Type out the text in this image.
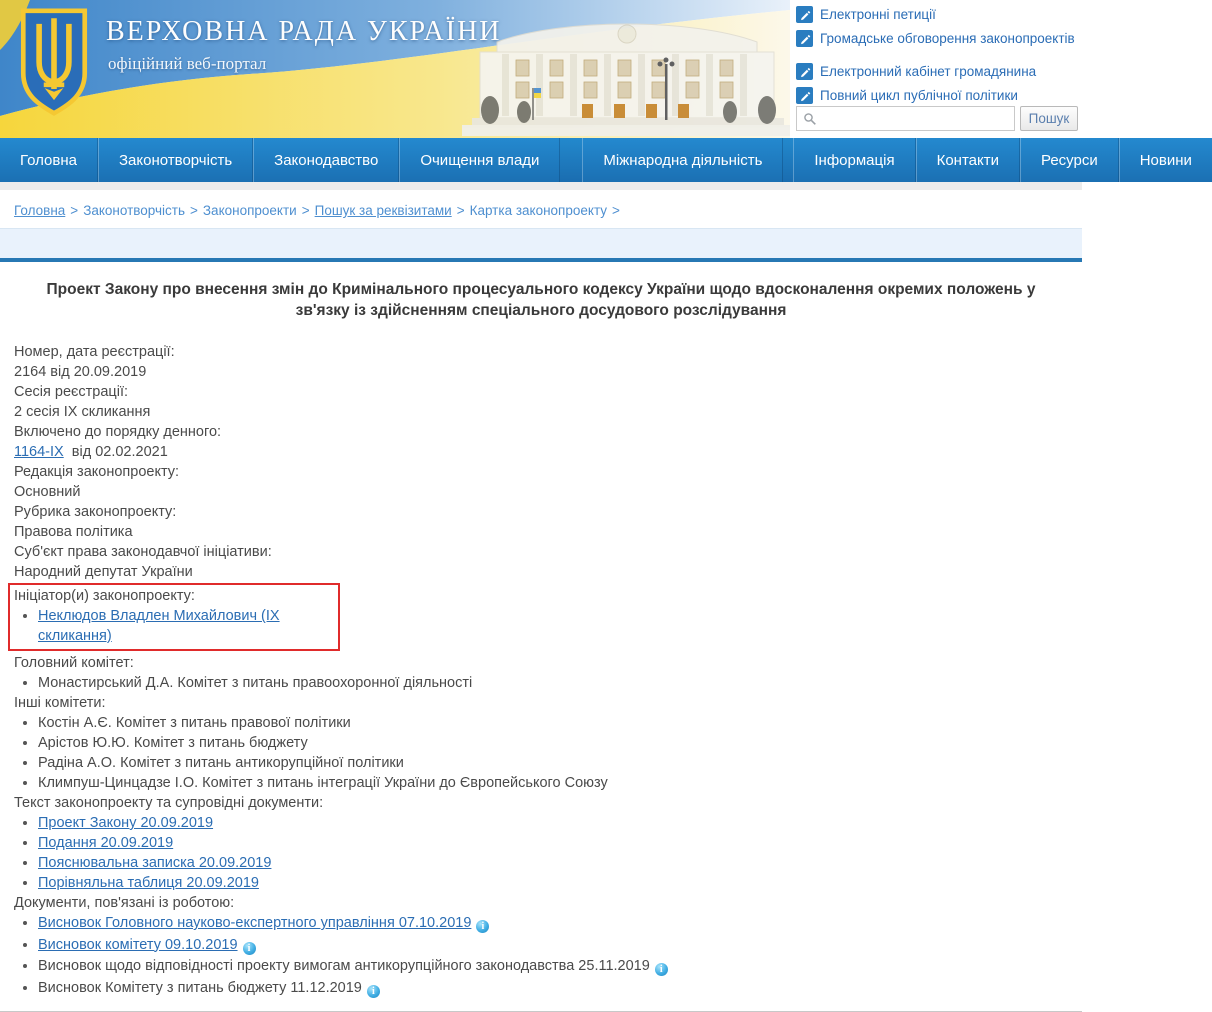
Електронні петиції
Громадське обговорення законопроектів
Електронний кабінет громадянина
Повний цикл публічної політики
Пошук
ВЕРХОВНА РАДА УКРАЇНИ
офіційний веб-портал
Головна	Законотворчість	Законодавство	Очищення влади	Міжнародна діяльність	Інформація	Контакти	Ресурси	Новини
Головна > Законотворчість > Законопроекти > Пошук за реквізитами > Картка законопроекту >
Проект Закону про внесення змін до Кримінального процесуального кодексу України щодо вдосконалення окремих положень у зв'язку із здійсненням спеціального досудового розслідування
Номер, дата реєстрації:
2164 від 20.09.2019
Сесія реєстрації:
2 сесія IX скликання
Включено до порядку денного:
1164-IX від 02.02.2021
Редакція законопроекту:
Основний
Рубрика законопроекту:
Правова політика
Суб'єкт права законодавчої ініціативи:
Народний депутат України
Ініціатор(и) законопроекту:
Неклюдов Владлен Михайлович (ІХ скликання)
Головний комітет:
Монастирський Д.А. Комітет з питань правоохоронної діяльності
Інші комітети:
Костін А.Є. Комітет з питань правової політики
Арістов Ю.Ю. Комітет з питань бюджету
Радіна А.О. Комітет з питань антикорупційної політики
Климпуш-Цинцадзе І.О. Комітет з питань інтеграції України до Європейського Союзу
Текст законопроекту та супровідні документи:
Проект Закону 20.09.2019
Подання 20.09.2019
Пояснювальна записка 20.09.2019
Порівняльна таблиця 20.09.2019
Документи, пов'язані із роботою:
Висновок Головного науково-експертного управління 07.10.2019 i
Висновок комітету 09.10.2019 i
Висновок щодо відповідності проекту вимогам антикорупційного законодавства 25.11.2019 i
Висновок Комітету з питань бюджету 11.12.2019 i
